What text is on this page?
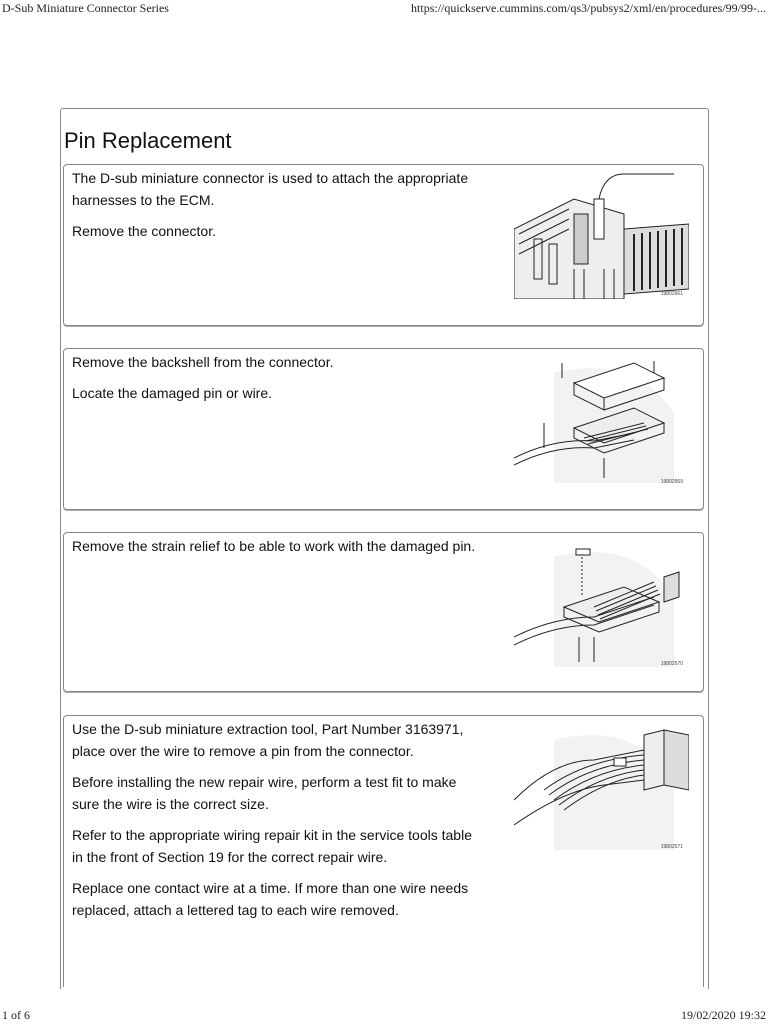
D-Sub Miniature Connector Series	https://quickserve.cummins.com/qs3/pubsys2/xml/en/procedures/99/99-...
Pin Replacement

The D-sub miniature connector is used to attach the appropriate harnesses to the ECM.

Remove the connector.

19802661

Remove the backshell from the connector.

Locate the damaged pin or wire.

19802569

Remove the strain relief to be able to work with the damaged pin.

19802570

Use the D-sub miniature extraction tool, Part Number 3163971, place over the wire to remove a pin from the connector.

Before installing the new repair wire, perform a test fit to make sure the wire is the correct size.

Refer to the appropriate wiring repair kit in the service tools table in the front of Section 19 for the correct repair wire.

Replace one contact wire at a time. If more than one wire needs replaced, attach a lettered tag to each wire removed.

19802571
1 of 6	19/02/2020 19:32
